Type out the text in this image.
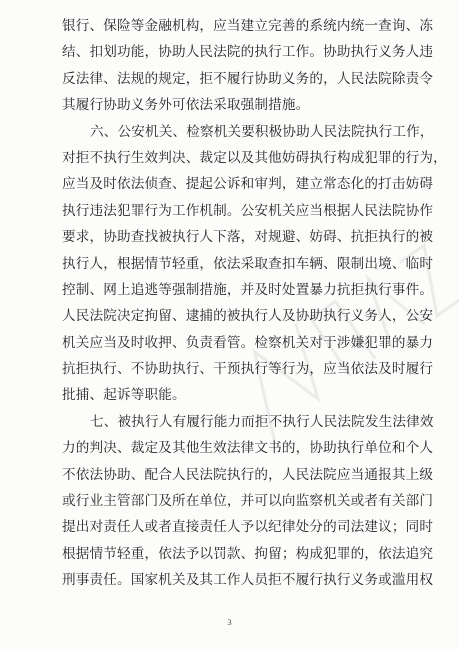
银行、保险等金融机构，应当建立完善的系统内统一查询、冻
结、扣划功能，协助人民法院的执行工作。协助执行义务人违
反法律、法规的规定，拒不履行协助义务的，人民法院除责令
其履行协助义务外可依法采取强制措施。
六、公安机关、检察机关要积极协助人民法院执行工作，
对拒不执行生效判决、裁定以及其他妨碍执行构成犯罪的行为，
应当及时依法侦查、提起公诉和审判，建立常态化的打击妨碍
执行违法犯罪行为工作机制。公安机关应当根据人民法院协作
要求，协助查找被执行人下落，对规避、妨碍、抗拒执行的被
执行人，根据情节轻重，依法采取查扣车辆、限制出境、临时
控制、网上追逃等强制措施，并及时处置暴力抗拒执行事件。
人民法院决定拘留、逮捕的被执行人及协助执行义务人，公安
机关应当及时收押、负责看管。检察机关对于涉嫌犯罪的暴力
抗拒执行、不协助执行、干预执行等行为，应当依法及时履行
批捕、起诉等职能。
七、被执行人有履行能力而拒不执行人民法院发生法律效
力的判决、裁定及其他生效法律文书的，协助执行单位和个人
不依法协助、配合人民法院执行的，人民法院应当通报其上级
或行业主管部门及所在单位，并可以向监察机关或者有关部门
提出对责任人或者直接责任人予以纪律处分的司法建议；同时
根据情节轻重，依法予以罚款、拘留；构成犯罪的，依法追究
刑事责任。国家机关及其工作人员拒不履行执行义务或滥用权
3
